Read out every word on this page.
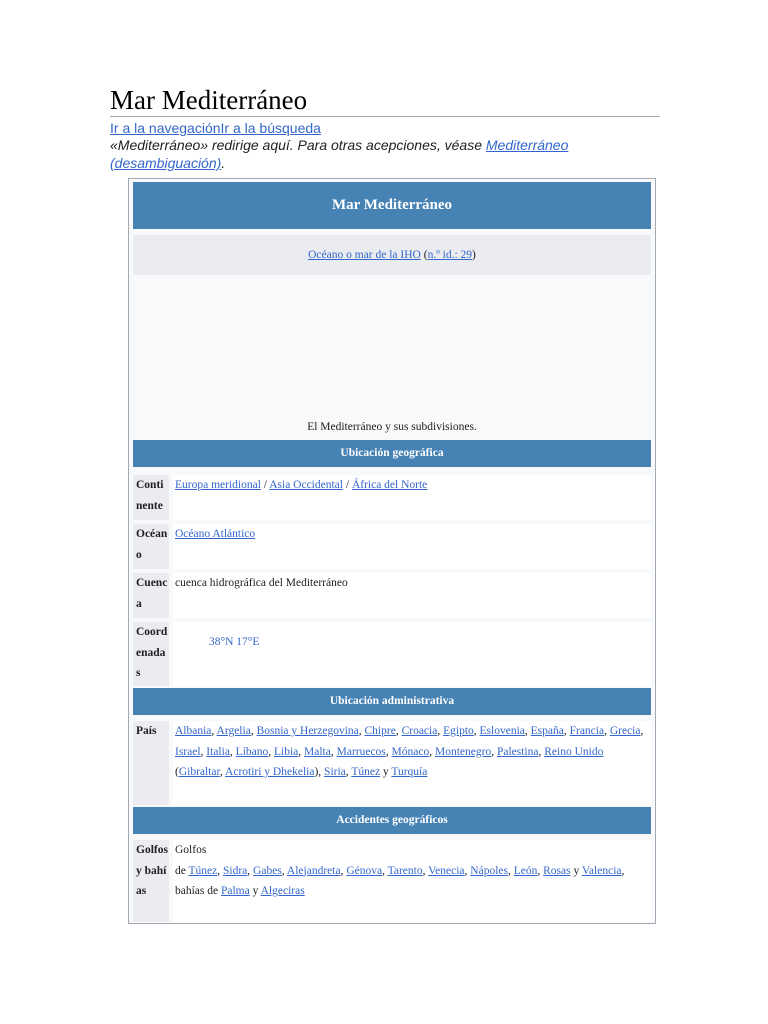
Mar Mediterráneo
Ir a la navegaciónIr a la búsqueda
«Mediterráneo» redirige aquí. Para otras acepciones, véase Mediterráneo (desambiguación).
Mar Mediterráneo
Océano o mar de la IHO (n.º id.: 29)
El Mediterráneo y sus subdivisiones.
Ubicación geográfica
Continente
Europa meridional / Asia Occidental / África del Norte
Océano
Océano Atlántico
Cuenca
cuenca hidrográfica del Mediterráneo
Coordenadas
38°N 17°E
Ubicación administrativa
País	Albania, Argelia, Bosnia y Herzegovina, Chipre, Croacia, Egipto, Eslovenia, España, Francia, Grecia, Israel, Italia, Líbano, Libia, Malta, Marruecos, Mónaco, Montenegro, Palestina, Reino Unido (Gibraltar, Acrotiri y Dhekelia), Siria, Túnez y Turquía
Accidentes geográficos
Golfos y bahías
Golfos
de Túnez, Sidra, Gabes, Alejandreta, Génova, Tarento, Venecia, Nápoles, León, Rosas y Valencia, bahías de Palma y Algeciras
